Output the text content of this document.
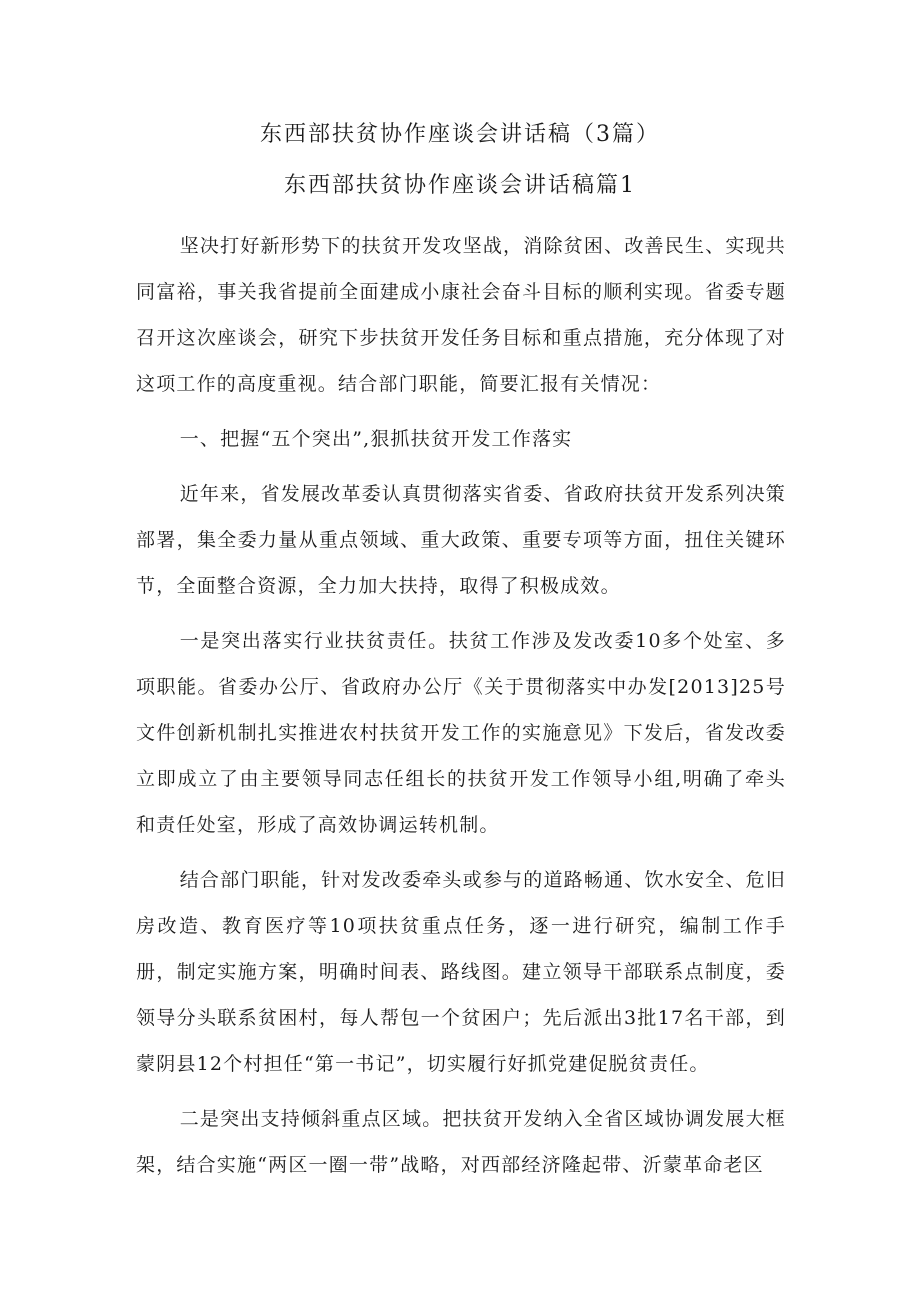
东西部扶贫协作座谈会讲话稿（3篇）
东西部扶贫协作座谈会讲话稿篇1

坚决打好新形势下的扶贫开发攻坚战，消除贫困、改善民生、实现共同富裕，事关我省提前全面建成小康社会奋斗目标的顺利实现。省委专题召开这次座谈会，研究下步扶贫开发任务目标和重点措施，充分体现了对这项工作的高度重视。结合部门职能，简要汇报有关情况：

一、把握“五个突出”,狠抓扶贫开发工作落实

近年来，省发展改革委认真贯彻落实省委、省政府扶贫开发系列决策部署，集全委力量从重点领域、重大政策、重要专项等方面，扭住关键环节，全面整合资源，全力加大扶持，取得了积极成效。

一是突出落实行业扶贫责任。扶贫工作涉及发改委10多个处室、多项职能。省委办公厅、省政府办公厅《关于贯彻落实中办发[2013]25号文件创新机制扎实推进农村扶贫开发工作的实施意见》下发后，省发改委立即成立了由主要领导同志任组长的扶贫开发工作领导小组,明确了牵头和责任处室，形成了高效协调运转机制。

结合部门职能，针对发改委牵头或参与的道路畅通、饮水安全、危旧房改造、教育医疗等10项扶贫重点任务，逐一进行研究，编制工作手册，制定实施方案，明确时间表、路线图。建立领导干部联系点制度，委领导分头联系贫困村，每人帮包一个贫困户；先后派出3批17名干部，到蒙阴县12个村担任“第一书记”，切实履行好抓党建促脱贫责任。

二是突出支持倾斜重点区域。把扶贫开发纳入全省区域协调发展大框架，结合实施“两区一圈一带”战略，对西部经济隆起带、沂蒙革命老区
